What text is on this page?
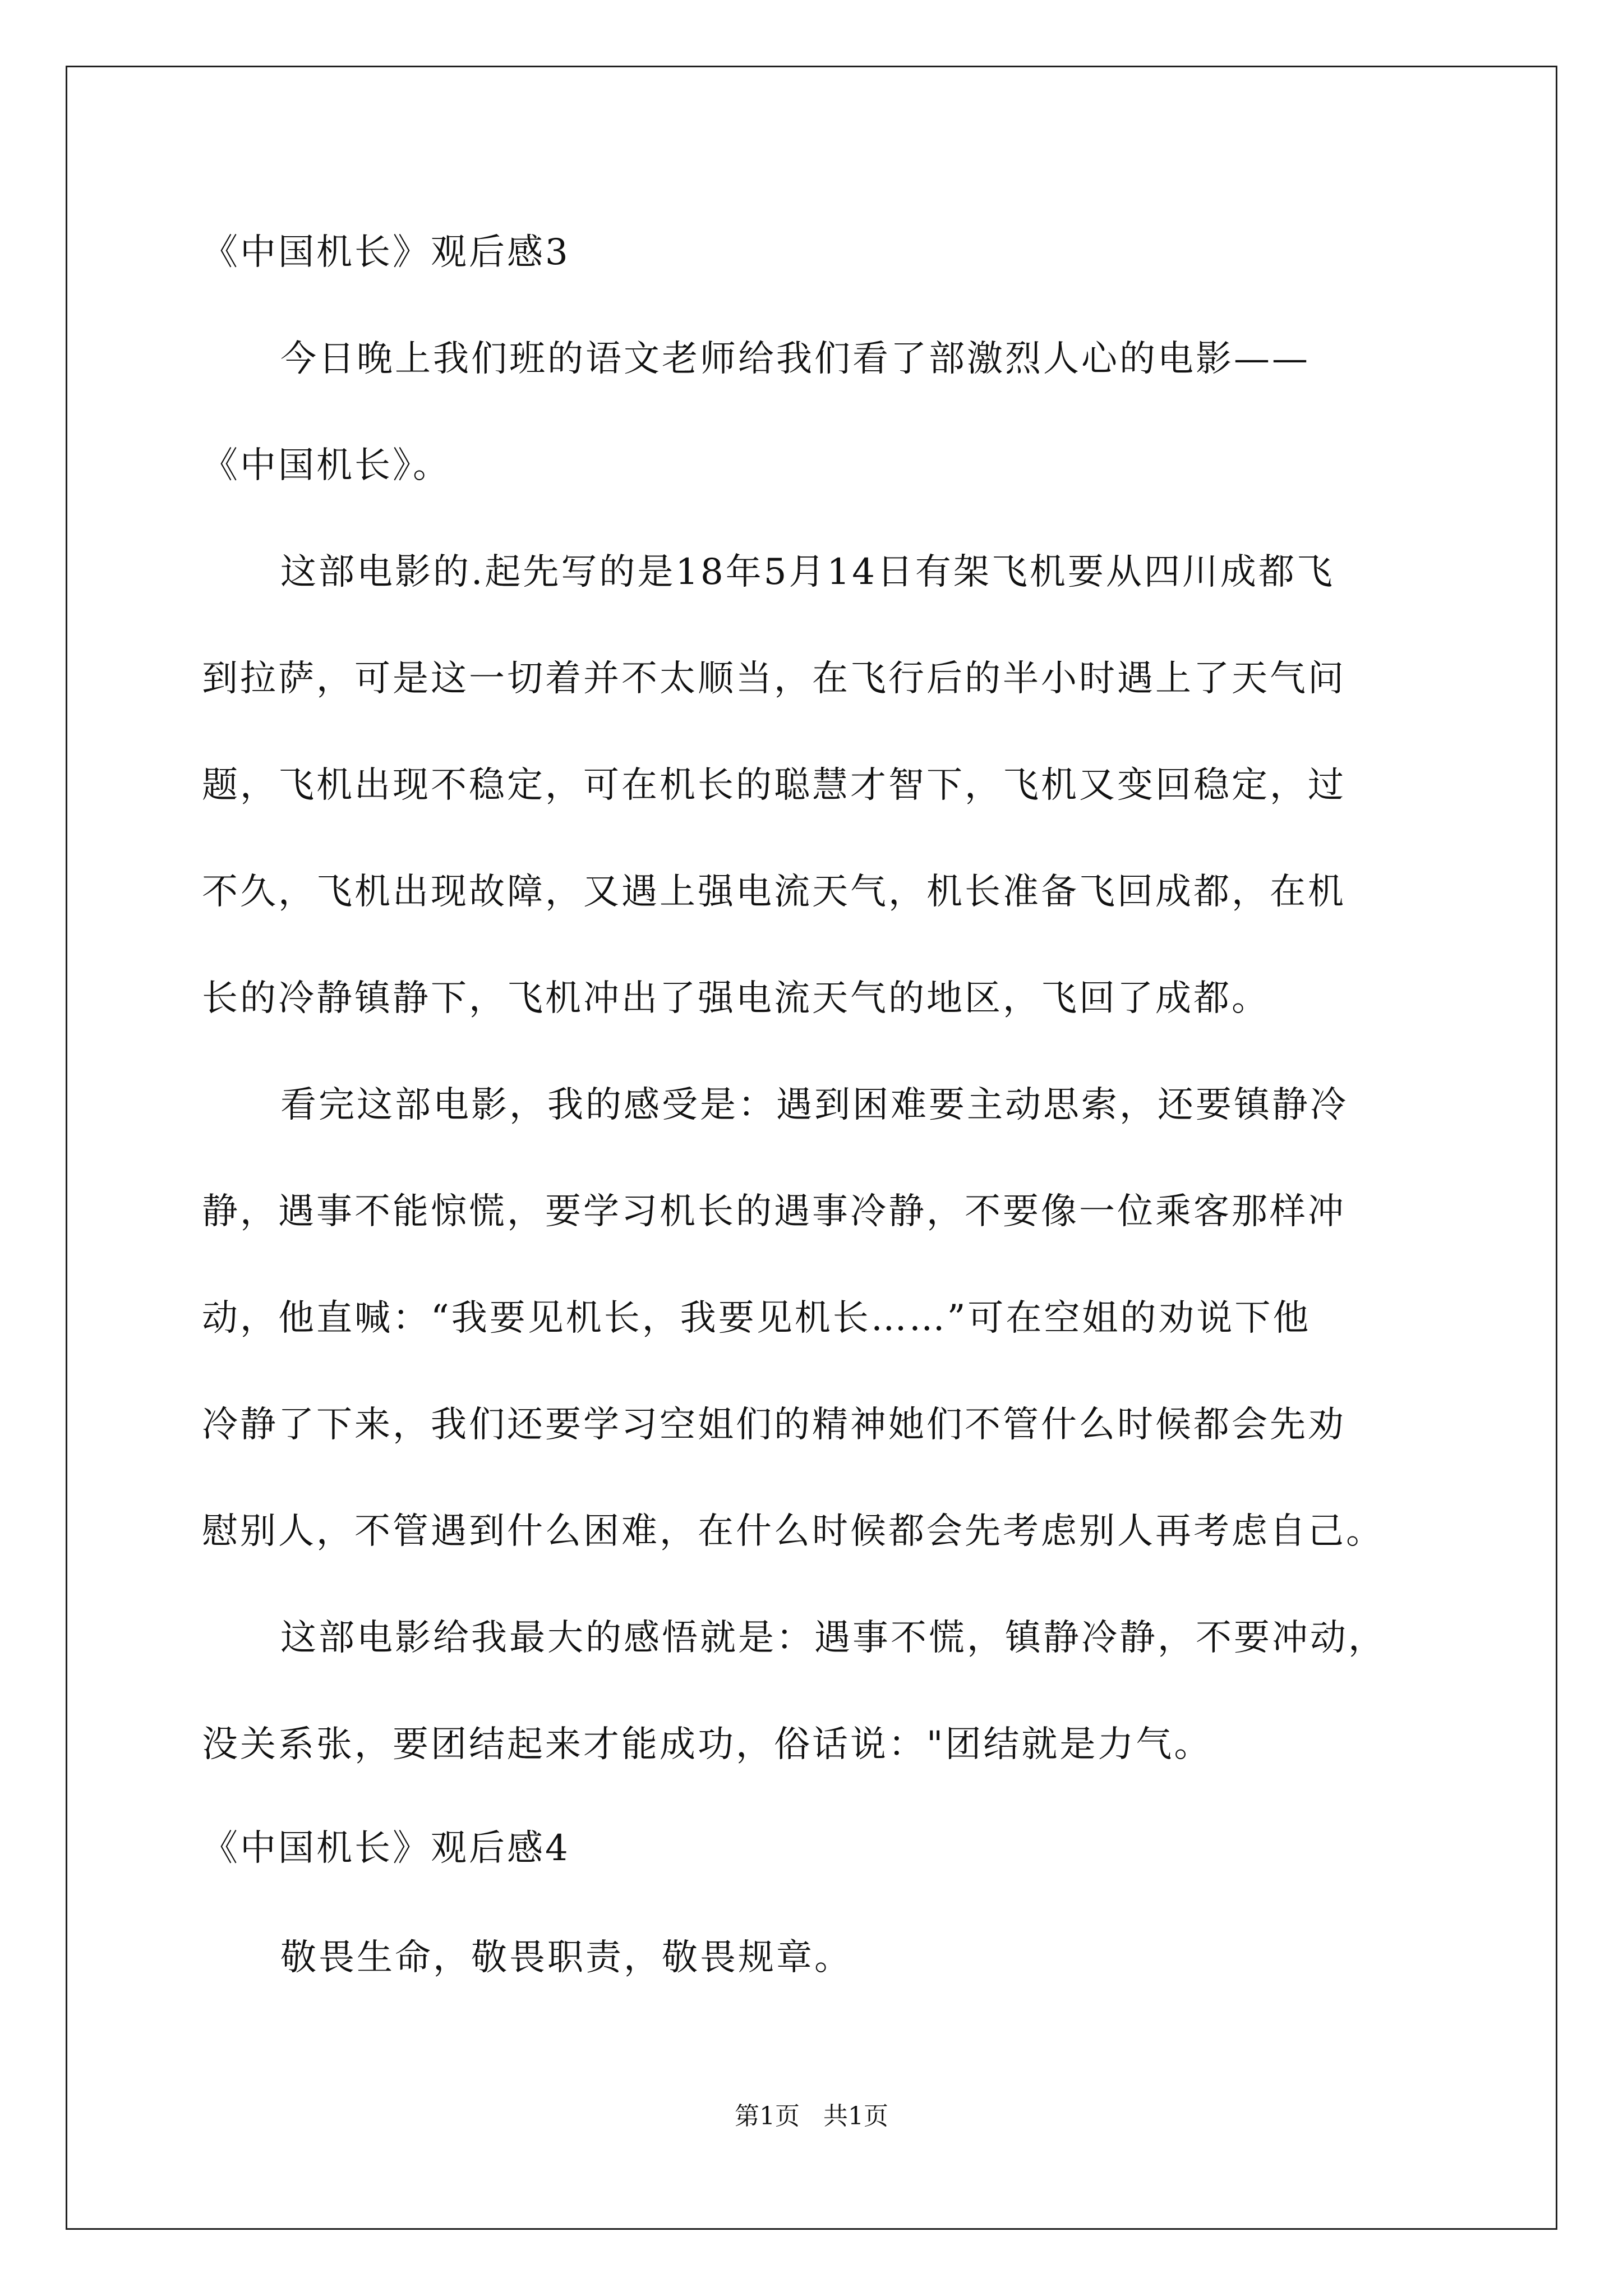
《中国机长》观后感3
今日晚上我们班的语文老师给我们看了部激烈人心的电影——
《中国机长》。
这部电影的.起先写的是18年5月14日有架飞机要从四川成都飞
到拉萨，可是这一切着并不太顺当，在飞行后的半小时遇上了天气问
题，飞机出现不稳定，可在机长的聪慧才智下，飞机又变回稳定，过
不久，飞机出现故障，又遇上强电流天气，机长准备飞回成都，在机
长的冷静镇静下，飞机冲出了强电流天气的地区，飞回了成都。
看完这部电影，我的感受是：遇到困难要主动思索，还要镇静冷
静，遇事不能惊慌，要学习机长的遇事冷静，不要像一位乘客那样冲
动，他直喊：“我要见机长，我要见机长……”可在空姐的劝说下他
冷静了下来，我们还要学习空姐们的精神她们不管什么时候都会先劝
慰别人，不管遇到什么困难，在什么时候都会先考虑别人再考虑自己。
这部电影给我最大的感悟就是：遇事不慌，镇静冷静，不要冲动，
没关系张，要团结起来才能成功，俗话说："团结就是力气。
《中国机长》观后感4
敬畏生命，敬畏职责，敬畏规章。
第1页   共1页
